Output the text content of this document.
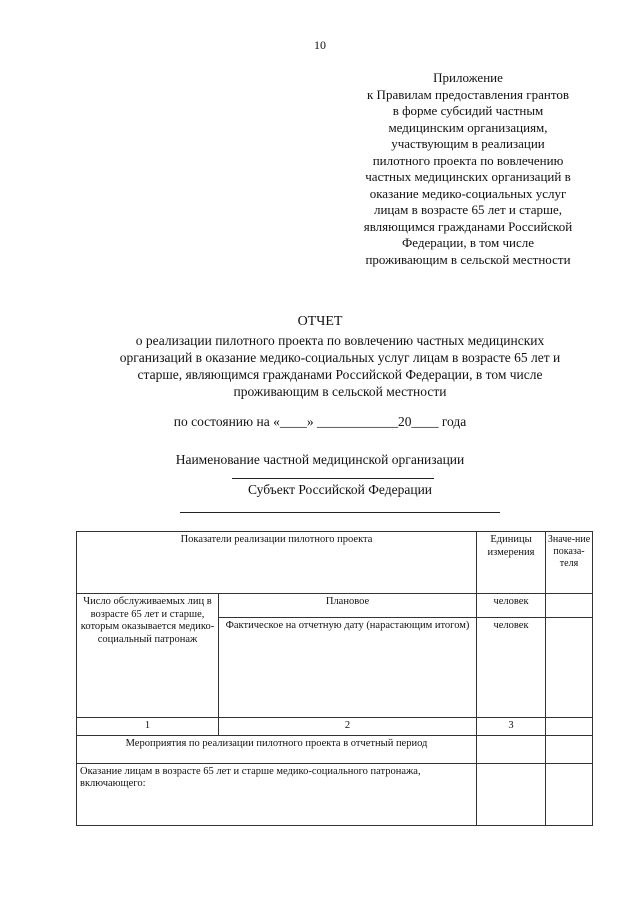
10
Приложение
к Правилам предоставления грантов
в форме субсидий частным
медицинским организациям,
участвующим в реализации
пилотного проекта по вовлечению
частных медицинских организаций в
оказание медико-социальных услуг
лицам в возрасте 65 лет и старше,
являющимся гражданами Российской
Федерации, в том числе
проживающим в сельской местности
ОТЧЕТ
о реализации пилотного проекта по вовлечению частных медицинских
организаций в оказание медико-социальных услуг лицам в возрасте 65 лет и
старше, являющимся гражданами Российской Федерации, в том числе
проживающим в сельской местности
по состоянию на «____» ____________20____ года
Наименование частной медицинской организации
Субъект Российской Федерации
Показатели реализации пилотного проекта		Единицы измерения	Значе-ние показа-теля
Число обслуживаемых лиц в возрасте 65 лет и старше, которым оказывается медико-социальный патронаж	Плановое	человек	
	Фактическое на отчетную дату (нарастающим итогом)	человек	
1	2	3	
Мероприятия по реализации пилотного проекта в отчетный период			
Оказание лицам в возрасте 65 лет и старше медико-социального патронажа, включающего:			
